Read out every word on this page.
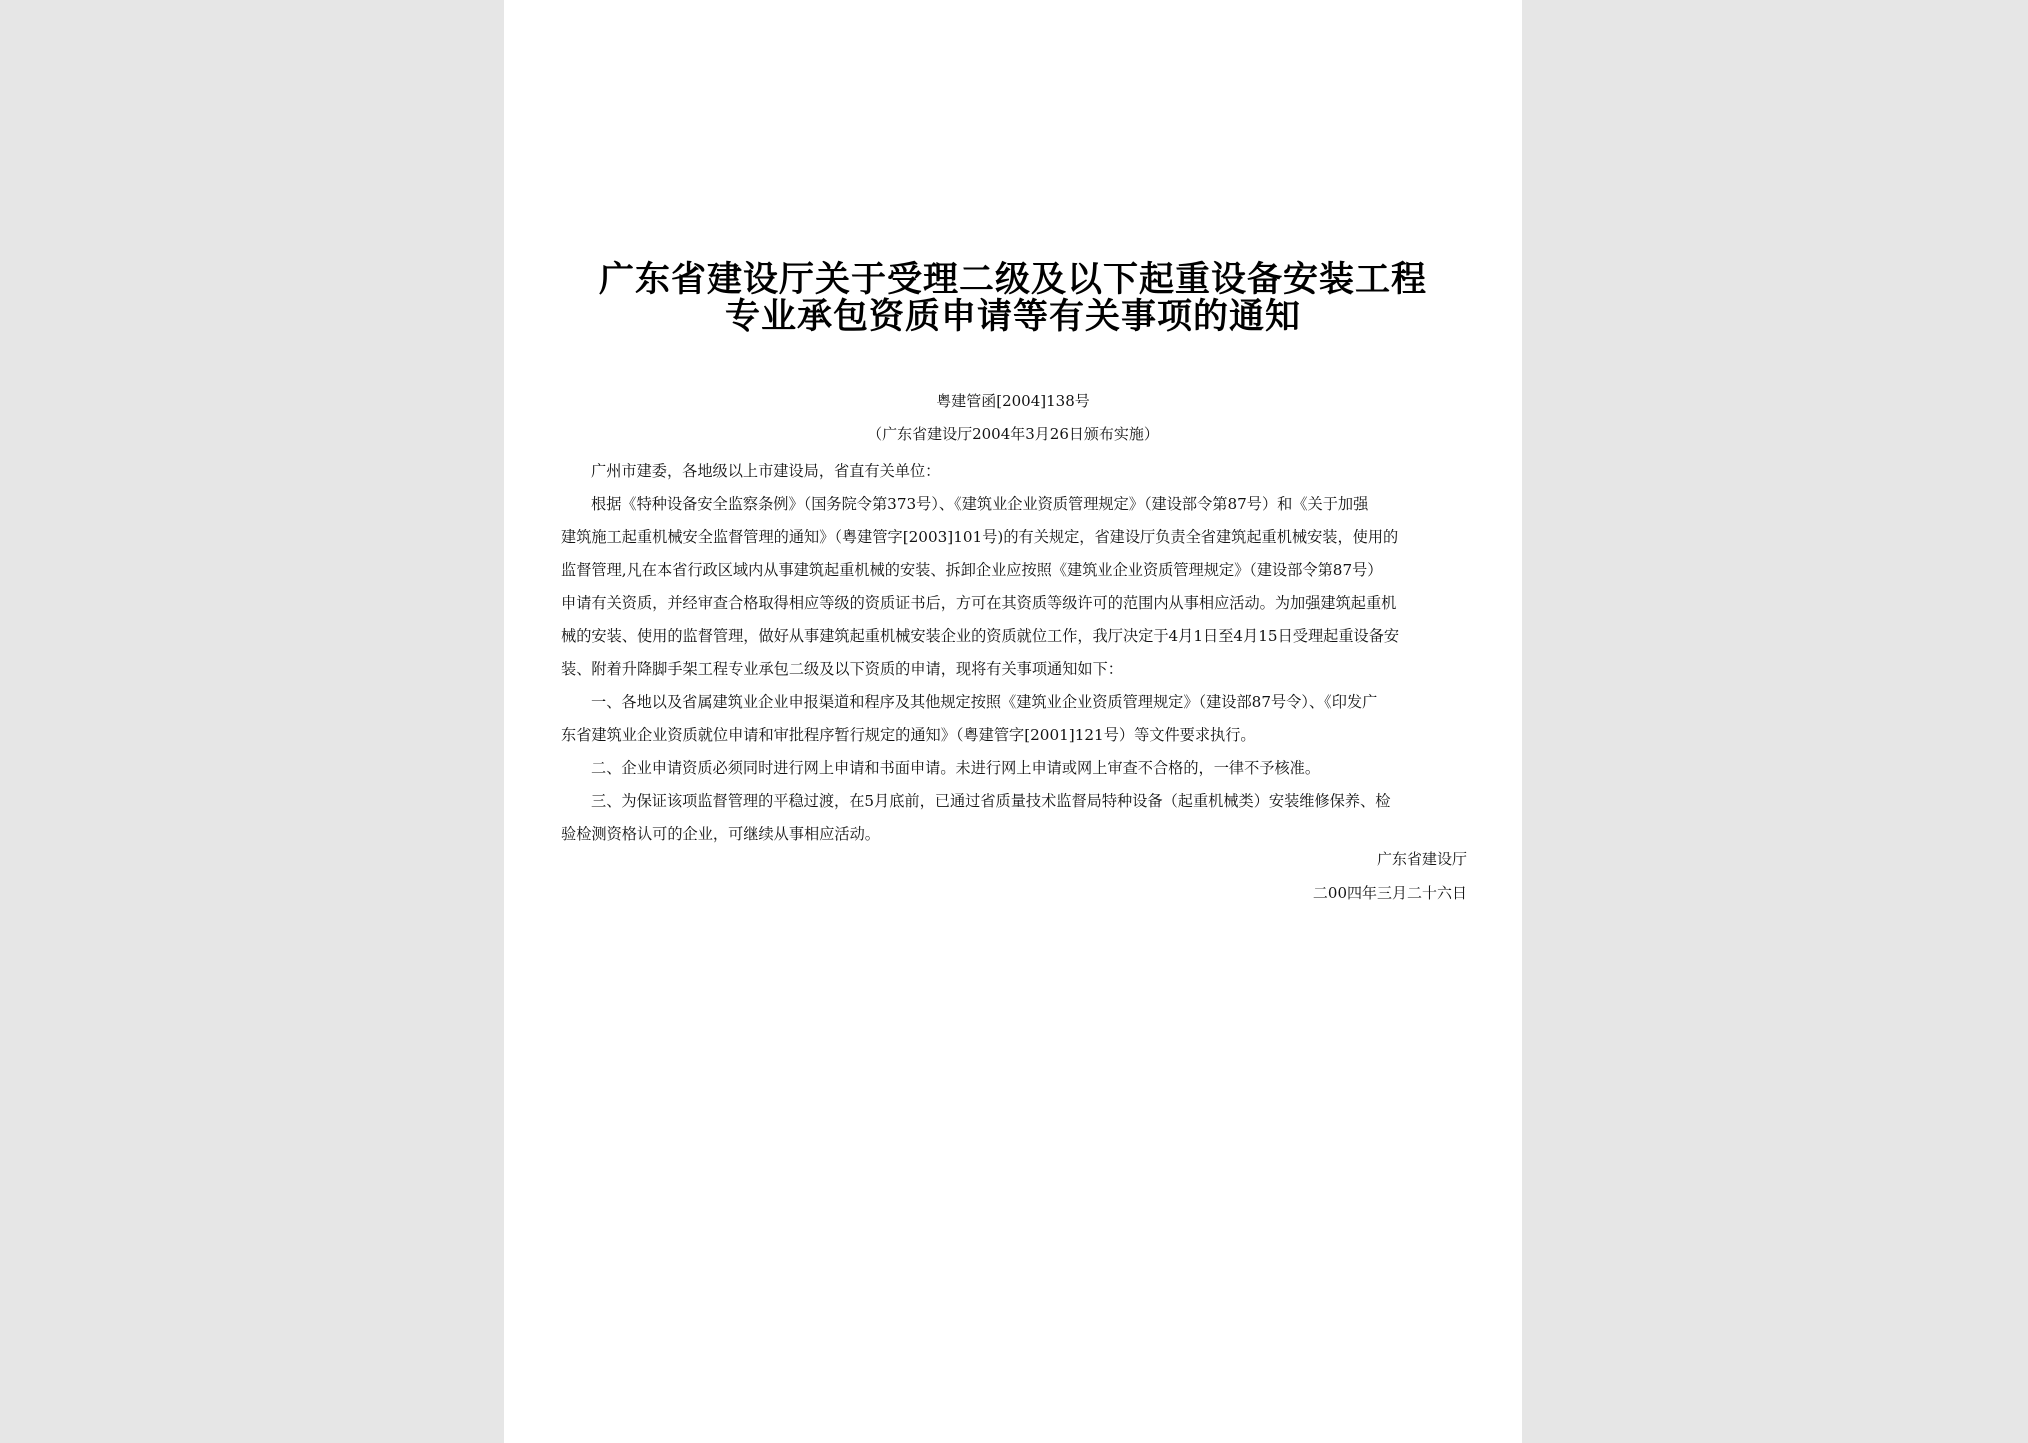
广东省建设厅关于受理二级及以下起重设备安装工程
专业承包资质申请等有关事项的通知
粤建管函[2004]138号
（广东省建设厅2004年3月26日颁布实施）
广州市建委，各地级以上市建设局，省直有关单位：
根据《特种设备安全监察条例》（国务院令第373号）、《建筑业企业资质管理规定》（建设部令第87号）和《关于加强
建筑施工起重机械安全监督管理的通知》（粤建管字[2003]101号)的有关规定，省建设厅负责全省建筑起重机械安装，使用的
监督管理,凡在本省行政区域内从事建筑起重机械的安装、拆卸企业应按照《建筑业企业资质管理规定》（建设部令第87号）
申请有关资质，并经审查合格取得相应等级的资质证书后，方可在其资质等级许可的范围内从事相应活动。为加强建筑起重机
械的安装、使用的监督管理，做好从事建筑起重机械安装企业的资质就位工作，我厅决定于4月1日至4月15日受理起重设备安
装、附着升降脚手架工程专业承包二级及以下资质的申请，现将有关事项通知如下：
一、各地以及省属建筑业企业申报渠道和程序及其他规定按照《建筑业企业资质管理规定》（建设部87号令）、《印发广
东省建筑业企业资质就位申请和审批程序暂行规定的通知》（粤建管字[2001]121号）等文件要求执行。
二、企业申请资质必须同时进行网上申请和书面申请。未进行网上申请或网上审查不合格的，一律不予核准。
三、为保证该项监督管理的平稳过渡，在5月底前，已通过省质量技术监督局特种设备（起重机械类）安装维修保养、检
验检测资格认可的企业，可继续从事相应活动。
广东省建设厅
二00四年三月二十六日
